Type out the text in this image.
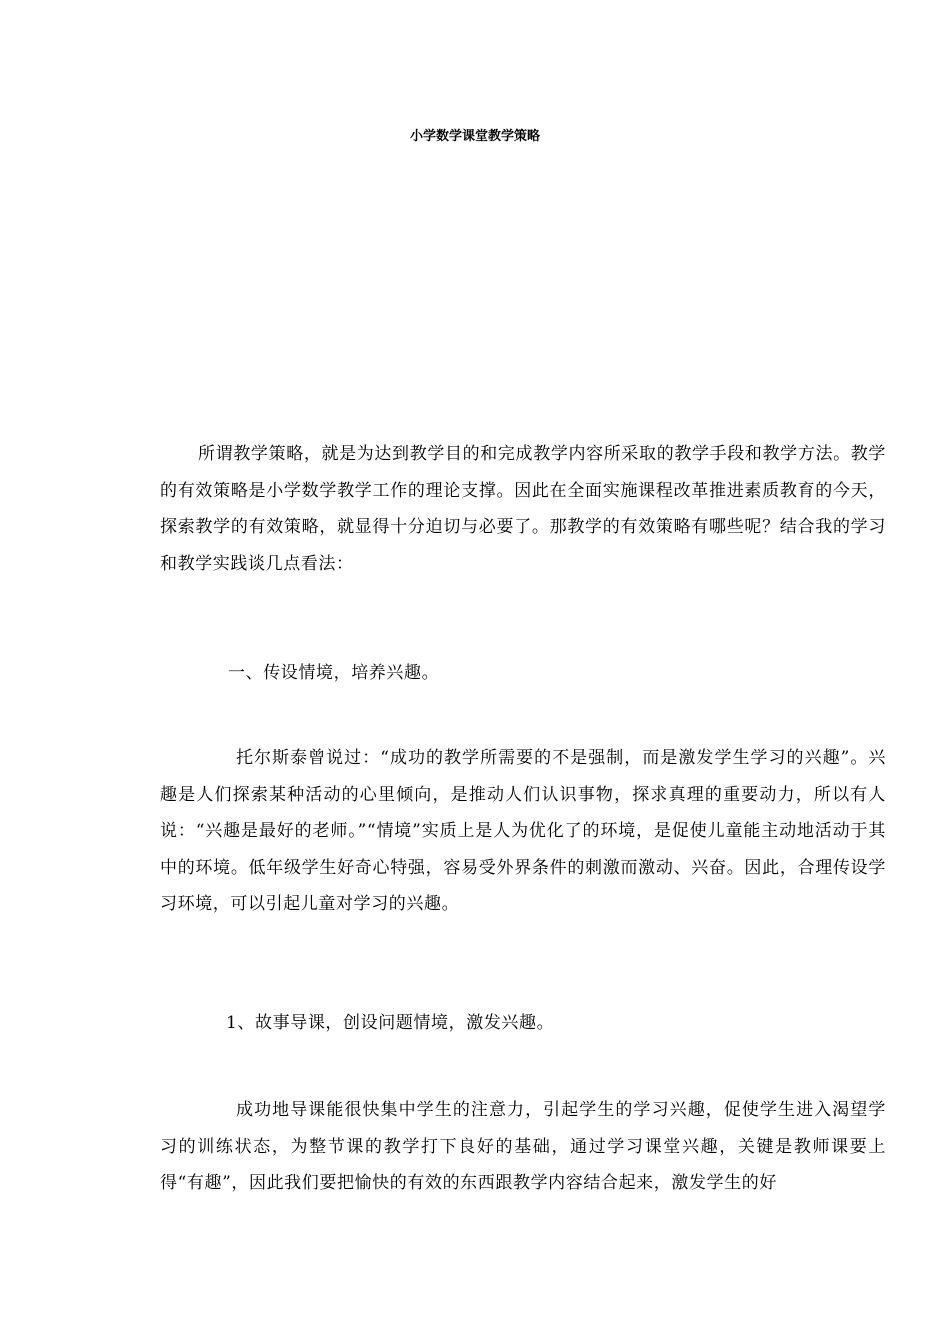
小学数学课堂教学策略

所谓教学策略，就是为达到教学目的和完成教学内容所采取的教学手段和教学方法。教学的有效策略是小学数学教学工作的理论支撑。因此在全面实施课程改革推进素质教育的今天，探索教学的有效策略，就显得十分迫切与必要了。那教学的有效策略有哪些呢？结合我的学习和教学实践谈几点看法：

一、传设情境，培养兴趣。

托尔斯泰曾说过：“成功的教学所需要的不是强制，而是激发学生学习的兴趣”。兴趣是人们探索某种活动的心里倾向，是推动人们认识事物，探求真理的重要动力，所以有人说：“兴趣是最好的老师。”“情境”实质上是人为优化了的环境，是促使儿童能主动地活动于其中的环境。低年级学生好奇心特强，容易受外界条件的刺激而激动、兴奋。因此，合理传设学习环境，可以引起儿童对学习的兴趣。

1、故事导课，创设问题情境，激发兴趣。

成功地导课能很快集中学生的注意力，引起学生的学习兴趣，促使学生进入渴望学习的训练状态，为整节课的教学打下良好的基础，通过学习课堂兴趣，关键是教师课要上得“有趣”，因此我们要把愉快的有效的东西跟教学内容结合起来，激发学生的好
